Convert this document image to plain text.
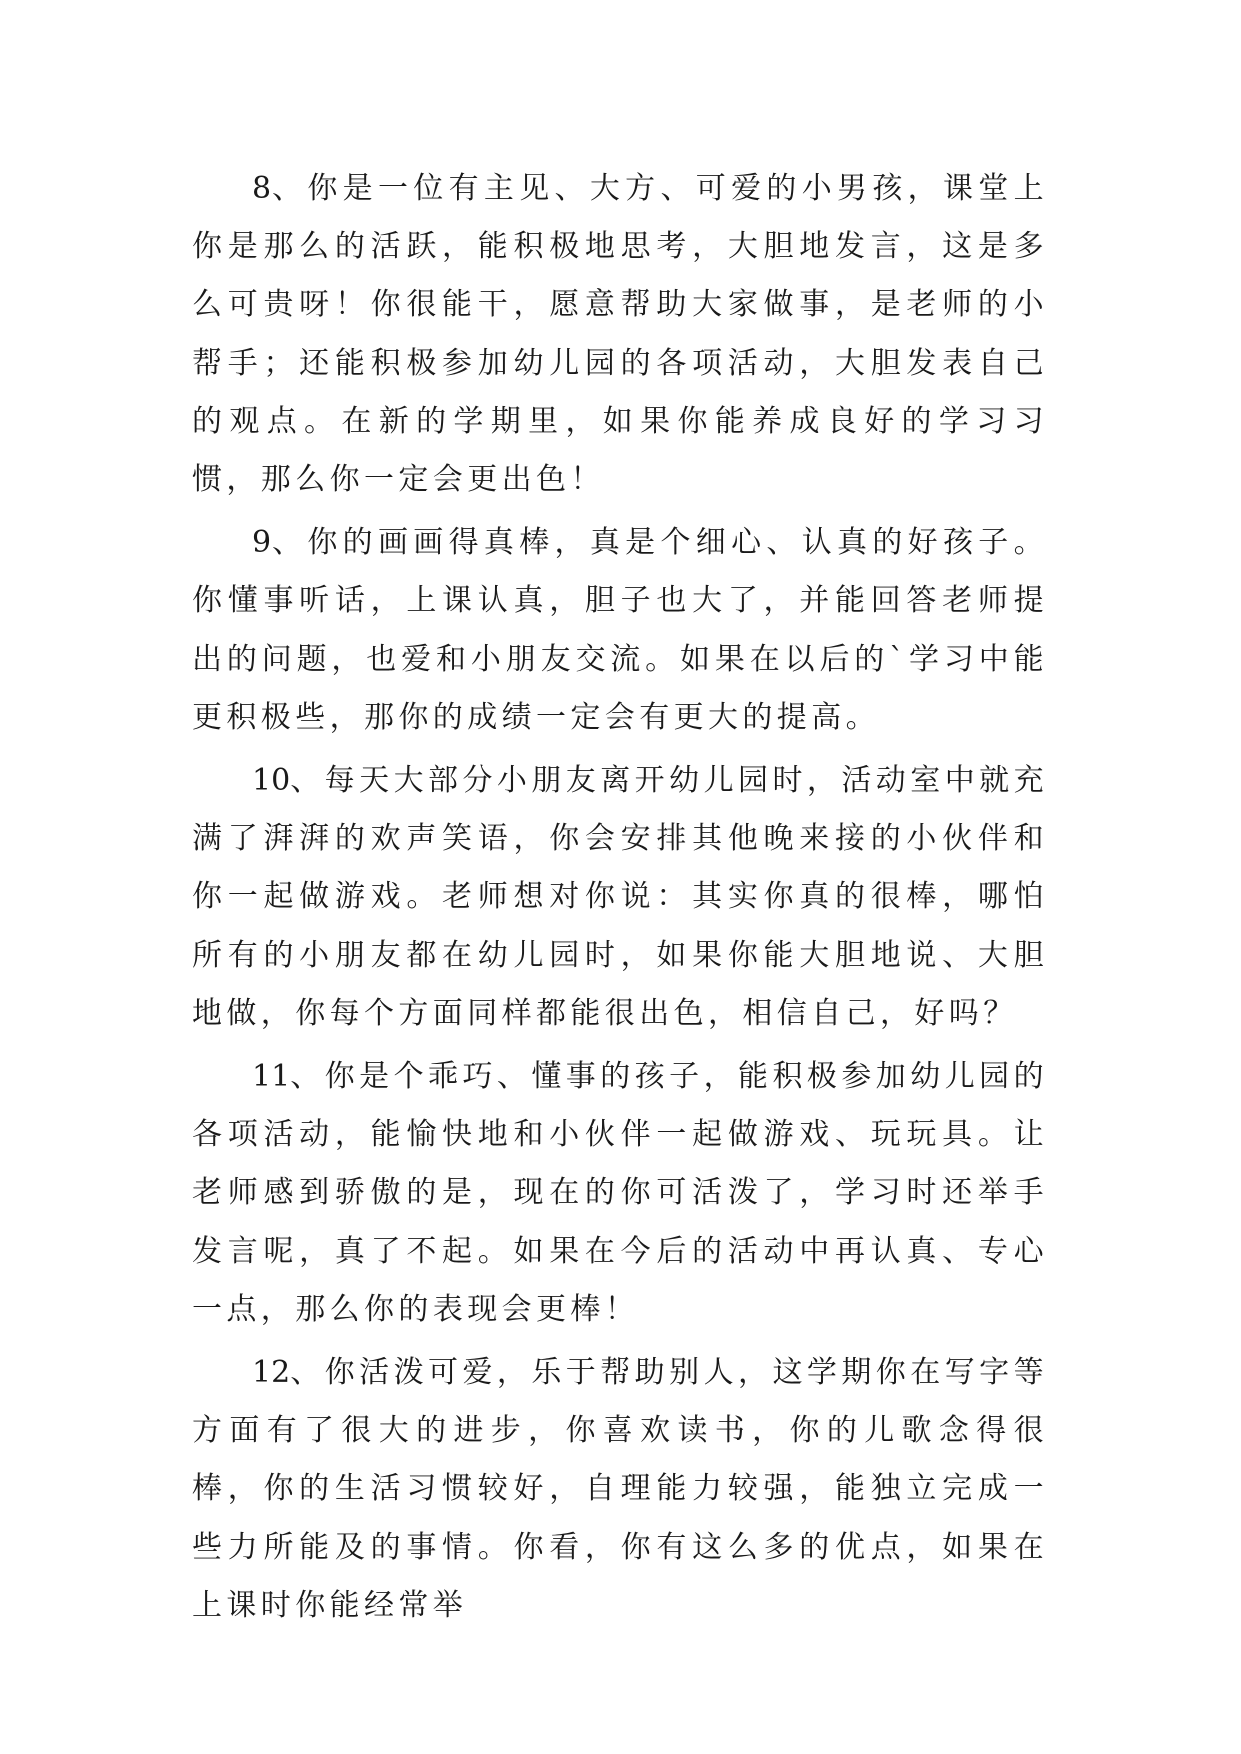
8、你是一位有主见、大方、可爱的小男孩，课堂上你是那么的活跃，能积极地思考，大胆地发言，这是多么可贵呀！你很能干，愿意帮助大家做事，是老师的小帮手；还能积极参加幼儿园的各项活动，大胆发表自己的观点。在新的学期里，如果你能养成良好的学习习惯，那么你一定会更出色！

9、你的画画得真棒，真是个细心、认真的好孩子。你懂事听话，上课认真，胆子也大了，并能回答老师提出的问题，也爱和小朋友交流。如果在以后的`学习中能更积极些，那你的成绩一定会有更大的提高。

10、每天大部分小朋友离开幼儿园时，活动室中就充满了湃湃的欢声笑语，你会安排其他晚来接的小伙伴和你一起做游戏。老师想对你说：其实你真的很棒，哪怕所有的小朋友都在幼儿园时，如果你能大胆地说、大胆地做，你每个方面同样都能很出色，相信自己，好吗？

11、你是个乖巧、懂事的孩子，能积极参加幼儿园的各项活动，能愉快地和小伙伴一起做游戏、玩玩具。让老师感到骄傲的是，现在的你可活泼了，学习时还举手发言呢，真了不起。如果在今后的活动中再认真、专心一点，那么你的表现会更棒！

12、你活泼可爱，乐于帮助别人，这学期你在写字等方面有了很大的进步，你喜欢读书，你的儿歌念得很棒，你的生活习惯较好，自理能力较强，能独立完成一些力所能及的事情。你看，你有这么多的优点，如果在上课时你能经常举
